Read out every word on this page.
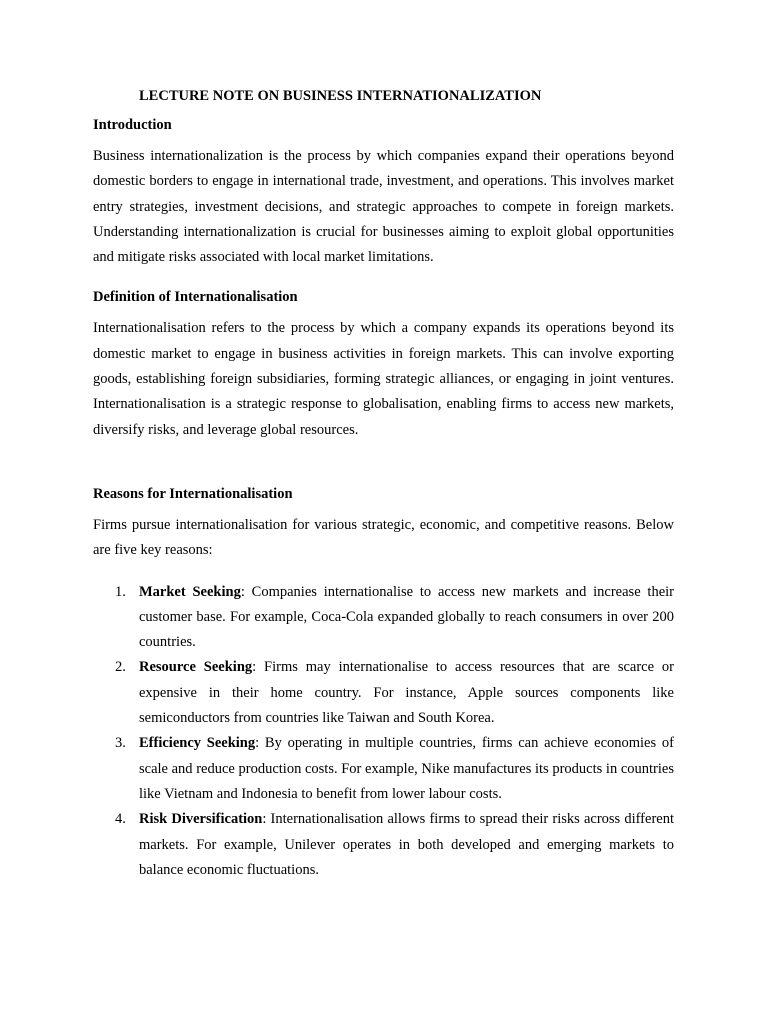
LECTURE NOTE ON BUSINESS INTERNATIONALIZATION
Introduction

Business internationalization is the process by which companies expand their operations beyond domestic borders to engage in international trade, investment, and operations. This involves market entry strategies, investment decisions, and strategic approaches to compete in foreign markets. Understanding internationalization is crucial for businesses aiming to exploit global opportunities and mitigate risks associated with local market limitations.

Definition of Internationalisation

Internationalisation refers to the process by which a company expands its operations beyond its domestic market to engage in business activities in foreign markets. This can involve exporting goods, establishing foreign subsidiaries, forming strategic alliances, or engaging in joint ventures. Internationalisation is a strategic response to globalisation, enabling firms to access new markets, diversify risks, and leverage global resources.

Reasons for Internationalisation

Firms pursue internationalisation for various strategic, economic, and competitive reasons. Below are five key reasons:

1. Market Seeking: Companies internationalise to access new markets and increase their customer base. For example, Coca-Cola expanded globally to reach consumers in over 200 countries.
2. Resource Seeking: Firms may internationalise to access resources that are scarce or expensive in their home country. For instance, Apple sources components like semiconductors from countries like Taiwan and South Korea.
3. Efficiency Seeking: By operating in multiple countries, firms can achieve economies of scale and reduce production costs. For example, Nike manufactures its products in countries like Vietnam and Indonesia to benefit from lower labour costs.
4. Risk Diversification: Internationalisation allows firms to spread their risks across different markets. For example, Unilever operates in both developed and emerging markets to balance economic fluctuations.
